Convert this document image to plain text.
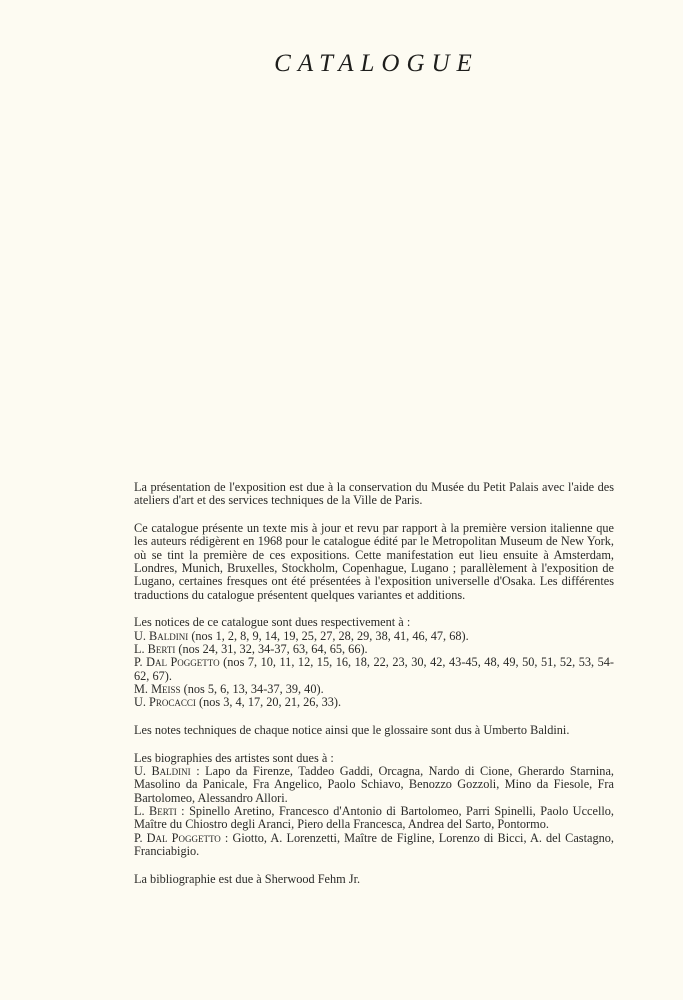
CATALOGUE

La présentation de l'exposition est due à la conservation du Musée du Petit Palais avec l'aide des ateliers d'art et des services techniques de la Ville de Paris.

Ce catalogue présente un texte mis à jour et revu par rapport à la première version italienne que les auteurs rédigèrent en 1968 pour le catalogue édité par le Metropolitan Museum de New York, où se tint la première de ces expositions. Cette manifestation eut lieu ensuite à Amsterdam, Londres, Munich, Bruxelles, Stockholm, Copenhague, Lugano ; parallèlement à l'exposition de Lugano, certaines fresques ont été présentées à l'exposition universelle d'Osaka. Les différentes traductions du catalogue présentent quelques variantes et additions.

Les notices de ce catalogue sont dues respectivement à :
U. Baldini (nos 1, 2, 8, 9, 14, 19, 25, 27, 28, 29, 38, 41, 46, 47, 68).
L. Berti (nos 24, 31, 32, 34-37, 63, 64, 65, 66).
P. Dal Poggetto (nos 7, 10, 11, 12, 15, 16, 18, 22, 23, 30, 42, 43-45, 48, 49, 50, 51, 52, 53, 54-62, 67).
M. Meiss (nos 5, 6, 13, 34-37, 39, 40).
U. Procacci (nos 3, 4, 17, 20, 21, 26, 33).

Les notes techniques de chaque notice ainsi que le glossaire sont dus à Umberto Baldini.

Les biographies des artistes sont dues à :
U. Baldini : Lapo da Firenze, Taddeo Gaddi, Orcagna, Nardo di Cione, Gherardo Starnina, Masolino da Panicale, Fra Angelico, Paolo Schiavo, Benozzo Gozzoli, Mino da Fiesole, Fra Bartolomeo, Alessandro Allori.
L. Berti : Spinello Aretino, Francesco d'Antonio di Bartolomeo, Parri Spinelli, Paolo Uccello, Maître du Chiostro degli Aranci, Piero della Francesca, Andrea del Sarto, Pontormo.
P. Dal Poggetto : Giotto, A. Lorenzetti, Maître de Figline, Lorenzo di Bicci, A. del Castagno, Franciabigio.

La bibliographie est due à Sherwood Fehm Jr.
